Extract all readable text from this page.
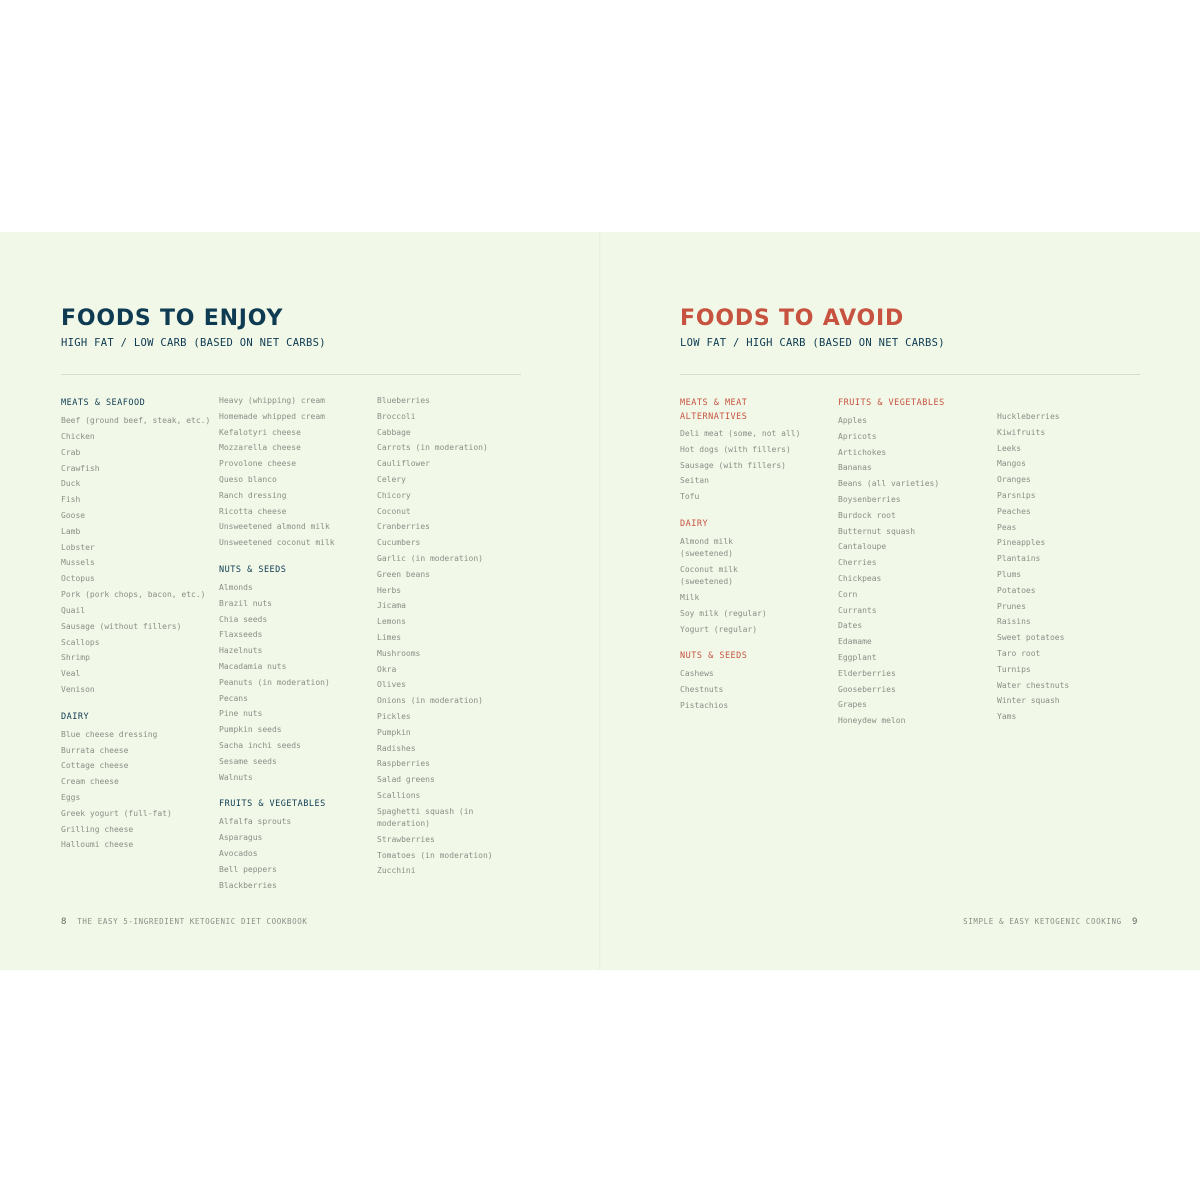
FOODS TO ENJOY
HIGH FAT / LOW CARB (BASED ON NET CARBS)
MEATS & SEAFOOD
Beef (ground beef, steak, etc.)
Chicken
Crab
Crawfish
Duck
Fish
Goose
Lamb
Lobster
Mussels
Octopus
Pork (pork chops, bacon, etc.)
Quail
Sausage (without fillers)
Scallops
Shrimp
Veal
Venison
DAIRY
Blue cheese dressing
Burrata cheese
Cottage cheese
Cream cheese
Eggs
Greek yogurt (full-fat)
Grilling cheese
Halloumi cheese
Heavy (whipping) cream
Homemade whipped cream
Kefalotyri cheese
Mozzarella cheese
Provolone cheese
Queso blanco
Ranch dressing
Ricotta cheese
Unsweetened almond milk
Unsweetened coconut milk
NUTS & SEEDS
Almonds
Brazil nuts
Chia seeds
Flaxseeds
Hazelnuts
Macadamia nuts
Peanuts (in moderation)
Pecans
Pine nuts
Pumpkin seeds
Sacha inchi seeds
Sesame seeds
Walnuts
FRUITS & VEGETABLES
Alfalfa sprouts
Asparagus
Avocados
Bell peppers
Blackberries
Blueberries
Broccoli
Cabbage
Carrots (in moderation)
Cauliflower
Celery
Chicory
Coconut
Cranberries
Cucumbers
Garlic (in moderation)
Green beans
Herbs
Jicama
Lemons
Limes
Mushrooms
Okra
Olives
Onions (in moderation)
Pickles
Pumpkin
Radishes
Raspberries
Salad greens
Scallions
Spaghetti squash (in moderation)
Strawberries
Tomatoes (in moderation)
Zucchini
8 THE EASY 5-INGREDIENT KETOGENIC DIET COOKBOOK
FOODS TO AVOID
LOW FAT / HIGH CARB (BASED ON NET CARBS)
MEATS & MEAT ALTERNATIVES
Deli meat (some, not all)
Hot dogs (with fillers)
Sausage (with fillers)
Seitan
Tofu
DAIRY
Almond milk (sweetened)
Coconut milk (sweetened)
Milk
Soy milk (regular)
Yogurt (regular)
NUTS & SEEDS
Cashews
Chestnuts
Pistachios
FRUITS & VEGETABLES
Apples
Apricots
Artichokes
Bananas
Beans (all varieties)
Boysenberries
Burdock root
Butternut squash
Cantaloupe
Cherries
Chickpeas
Corn
Currants
Dates
Edamame
Eggplant
Elderberries
Gooseberries
Grapes
Honeydew melon
Huckleberries
Kiwifruits
Leeks
Mangos
Oranges
Parsnips
Peaches
Peas
Pineapples
Plantains
Plums
Potatoes
Prunes
Raisins
Sweet potatoes
Taro root
Turnips
Water chestnuts
Winter squash
Yams
SIMPLE & EASY KETOGENIC COOKING 9
